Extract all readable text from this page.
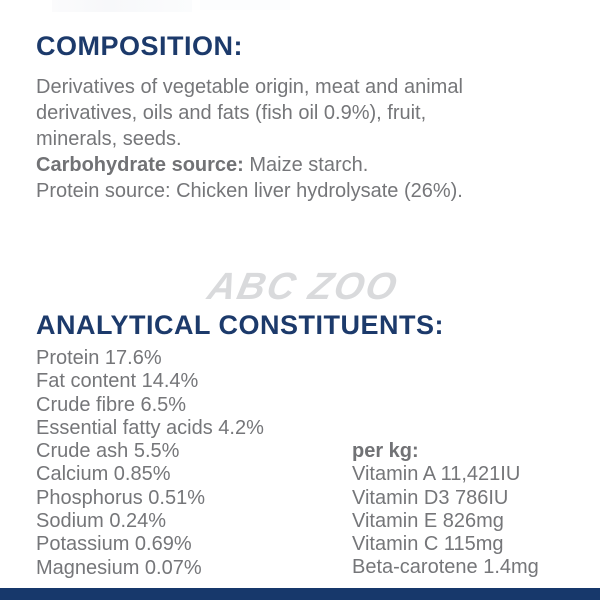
COMPOSITION:
Derivatives of vegetable origin, meat and animal
derivatives, oils and fats (fish oil 0.9%), fruit,
minerals, seeds.
Carbohydrate source: Maize starch.
Protein source: Chicken liver hydrolysate (26%).
ABC ZOO
ANALYTICAL CONSTITUENTS:
Protein 17.6%
Fat content 14.4%
Crude fibre 6.5%
Essential fatty acids 4.2%
Crude ash 5.5%
Calcium 0.85%
Phosphorus 0.51%
Sodium 0.24%
Potassium 0.69%
Magnesium 0.07%
per kg:
Vitamin A 11,421IU
Vitamin D3 786IU
Vitamin E 826mg
Vitamin C 115mg
Beta-carotene 1.4mg
